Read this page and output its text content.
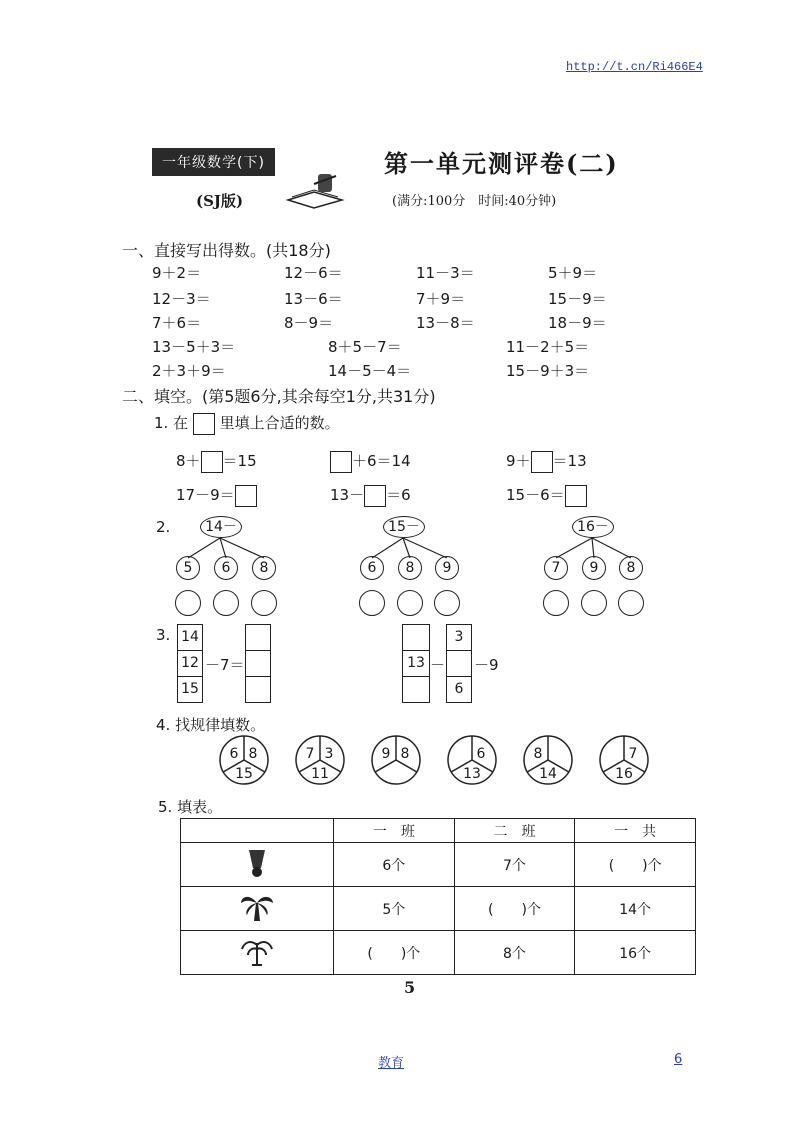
http://t.cn/Ri466E4
一年级数学(下)
(SJ版)
第一单元测评卷(二)
(满分:100分　时间:40分钟)
一、直接写出得数。(共18分)
9＋2＝	12－6＝	11－3＝	5＋9＝
12－3＝	13－6＝	7＋9＝	15－9＝
7＋6＝	8－9＝	13－8＝	18－9＝
13－5＋3＝	8＋5－7＝	11－2＋5＝
2＋3＋9＝	14－5－4＝	15－9＋3＝
二、填空。(第5题6分,其余每空1分,共31分)
1. 在 里填上合适的数。
8＋ ＝15	＋6＝14	9＋ ＝13
17－9＝	13－ ＝6	15－6＝
2.	14－
5	6	8
15－
6	8	9
16－
7	9	8
3. 14
12
15
－7＝	13 －
3
6
－9
4. 找规律填数。
6 8
15
7 3
11
9 8	6
13
8
14
7
16
5. 填表。
	一　班	二　班	一　共
	6个	7个	(　　)个
	5个	(　　)个	14个
	(　　)个	8个	16个
5
教育	6
